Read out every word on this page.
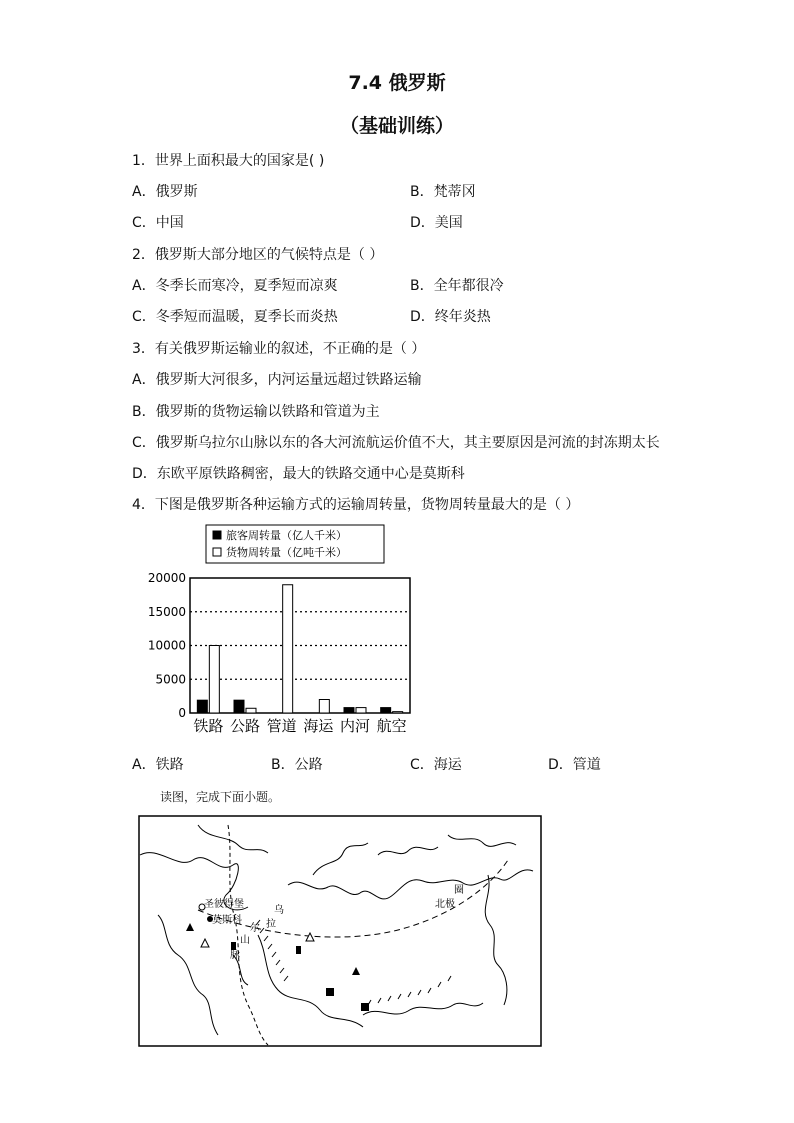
7.4 俄罗斯
（基础训练）
1．世界上面积最大的国家是( )
A．俄罗斯	B．梵蒂冈
C．中国	D．美国
2．俄罗斯大部分地区的气候特点是（ ）
A．冬季长而寒冷，夏季短而凉爽	B．全年都很冷
C．冬季短而温暖，夏季长而炎热	D．终年炎热
3．有关俄罗斯运输业的叙述，不正确的是（ ）
A．俄罗斯大河很多，内河运量远超过铁路运输
B．俄罗斯的货物运输以铁路和管道为主
C．俄罗斯乌拉尔山脉以东的各大河流航运价值不大，其主要原因是河流的封冻期太长
D．东欧平原铁路稠密，最大的铁路交通中心是莫斯科
4．下图是俄罗斯各种运输方式的运输周转量，货物周转量最大的是（ ）
旅客周转量（亿人千米）
货物周转量（亿吨千米）
0
5000
10000
15000
20000
铁路 公路 管道 海运 内河 航空
A．铁路	B．公路	C．海运	D．管道
读图，完成下面小题。
圣彼得堡
莫斯科
乌
拉
尔
山
脉
北极
圈
